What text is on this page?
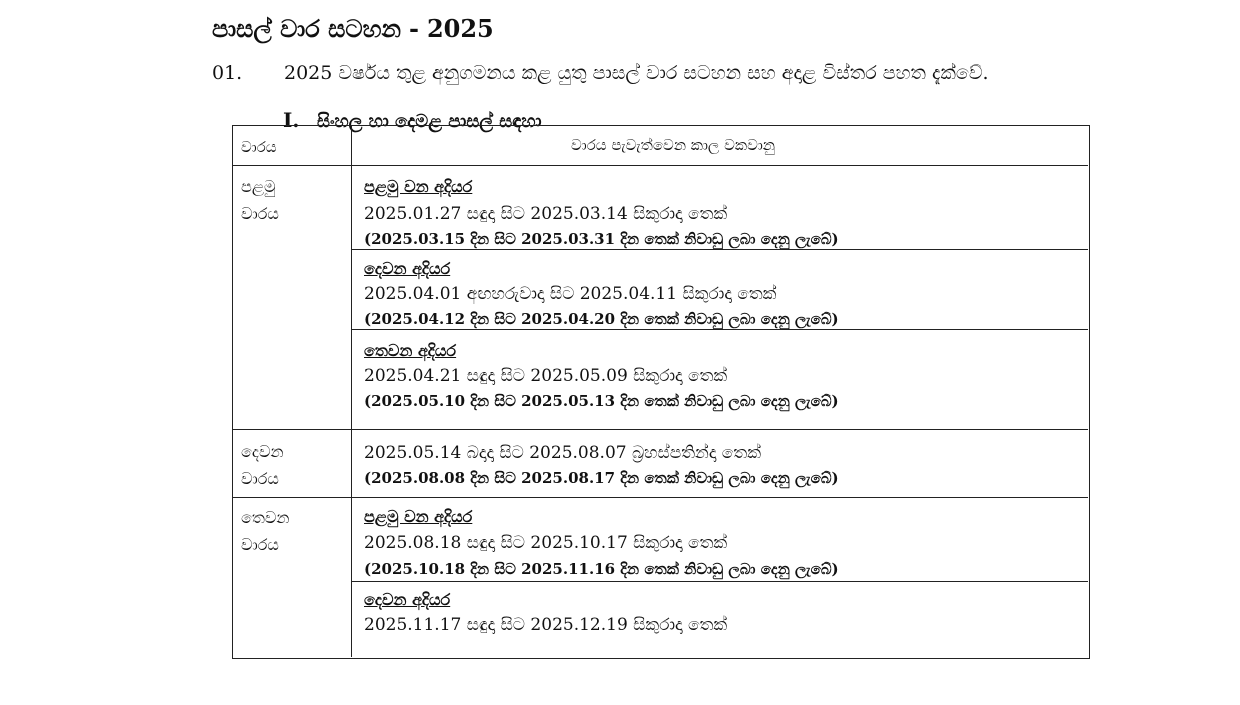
පාසල් වාර සටහන - 2025
01. 2025 වර්ෂය තුළ අනුගමනය කළ යුතු පාසල් වාර සටහන සහ අදාළ විස්තර පහත දැක්වේ.
I. සිංහල හා දෙමළ පාසල් සඳහා
වාරය	වාරය පැවැත්වෙන කාල වකවානු
පළමු
වාරය
දෙවන
වාරය
තෙවන
වාරය
පළමු වන අදියර
2025.01.27 සඳුදා සිට 2025.03.14 සිකුරාදා තෙක්
(2025.03.15 දින සිට 2025.03.31 දින තෙක් නිවාඩු ලබා දෙනු ලැබේ)
දෙවන අදියර
2025.04.01 අඟහරුවාදා සිට 2025.04.11 සිකුරාදා තෙක්
(2025.04.12 දින සිට 2025.04.20 දින තෙක් නිවාඩු ලබා දෙනු ලැබේ)
තෙවන අදියර
2025.04.21 සඳුදා සිට 2025.05.09 සිකුරාදා තෙක්
(2025.05.10 දින සිට 2025.05.13 දින තෙක් නිවාඩු ලබා දෙනු ලැබේ)
2025.05.14 බදාදා සිට 2025.08.07 බ්‍රහස්පතින්දා තෙක්
(2025.08.08 දින සිට 2025.08.17 දින තෙක් නිවාඩු ලබා දෙනු ලැබේ)
පළමු වන අදියර
2025.08.18 සඳුදා සිට 2025.10.17 සිකුරාදා තෙක්
(2025.10.18 දින සිට 2025.11.16 දින තෙක් නිවාඩු ලබා දෙනු ලැබේ)
දෙවන අදියර
2025.11.17 සඳුදා සිට 2025.12.19 සිකුරාදා තෙක්
